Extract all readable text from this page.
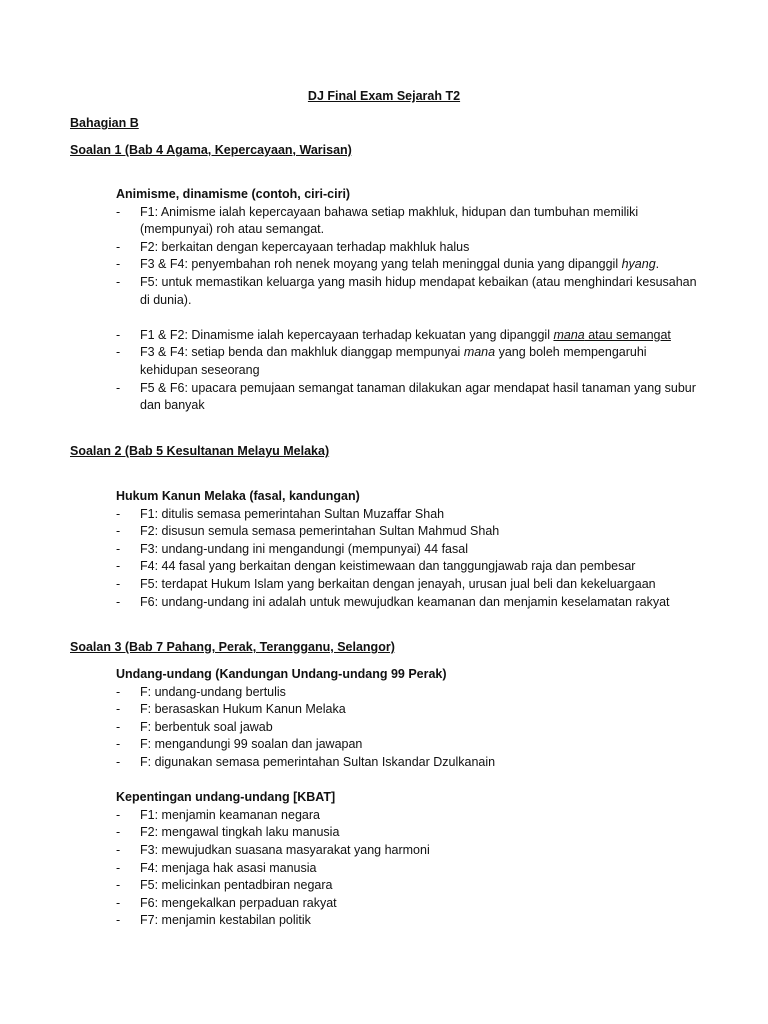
DJ Final Exam Sejarah T2
Bahagian B
Soalan 1 (Bab 4 Agama, Kepercayaan, Warisan)
Animisme, dinamisme (contoh, ciri-ciri)
- F1: Animisme ialah kepercayaan bahawa setiap makhluk, hidupan dan tumbuhan memiliki (mempunyai) roh atau semangat.
- F2: berkaitan dengan kepercayaan terhadap makhluk halus
- F3 & F4: penyembahan roh nenek moyang yang telah meninggal dunia yang dipanggil hyang.
- F5: untuk memastikan keluarga yang masih hidup mendapat kebaikan (atau menghindari kesusahan di dunia).
- F1 & F2: Dinamisme ialah kepercayaan terhadap kekuatan yang dipanggil mana atau semangat
- F3 & F4: setiap benda dan makhluk dianggap mempunyai mana yang boleh mempengaruhi kehidupan seseorang
- F5 & F6: upacara pemujaan semangat tanaman dilakukan agar mendapat hasil tanaman yang subur dan banyak
Soalan 2 (Bab 5 Kesultanan Melayu Melaka)
Hukum Kanun Melaka (fasal, kandungan)
- F1: ditulis semasa pemerintahan Sultan Muzaffar Shah
- F2: disusun semula semasa pemerintahan Sultan Mahmud Shah
- F3: undang-undang ini mengandungi (mempunyai) 44 fasal
- F4: 44 fasal yang berkaitan dengan keistimewaan dan tanggungjawab raja dan pembesar
- F5: terdapat Hukum Islam yang berkaitan dengan jenayah, urusan jual beli dan kekeluargaan
- F6: undang-undang ini adalah untuk mewujudkan keamanan dan menjamin keselamatan rakyat
Soalan 3 (Bab 7 Pahang, Perak, Terangganu, Selangor)
Undang-undang (Kandungan Undang-undang 99 Perak)
- F: undang-undang bertulis
- F: berasaskan Hukum Kanun Melaka
- F: berbentuk soal jawab
- F: mengandungi 99 soalan dan jawapan
- F: digunakan semasa pemerintahan Sultan Iskandar Dzulkanain
Kepentingan undang-undang [KBAT]
- F1: menjamin keamanan negara
- F2: mengawal tingkah laku manusia
- F3: mewujudkan suasana masyarakat yang harmoni
- F4: menjaga hak asasi manusia
- F5: melicinkan pentadbiran negara
- F6: mengekalkan perpaduan rakyat
- F7: menjamin kestabilan politik
